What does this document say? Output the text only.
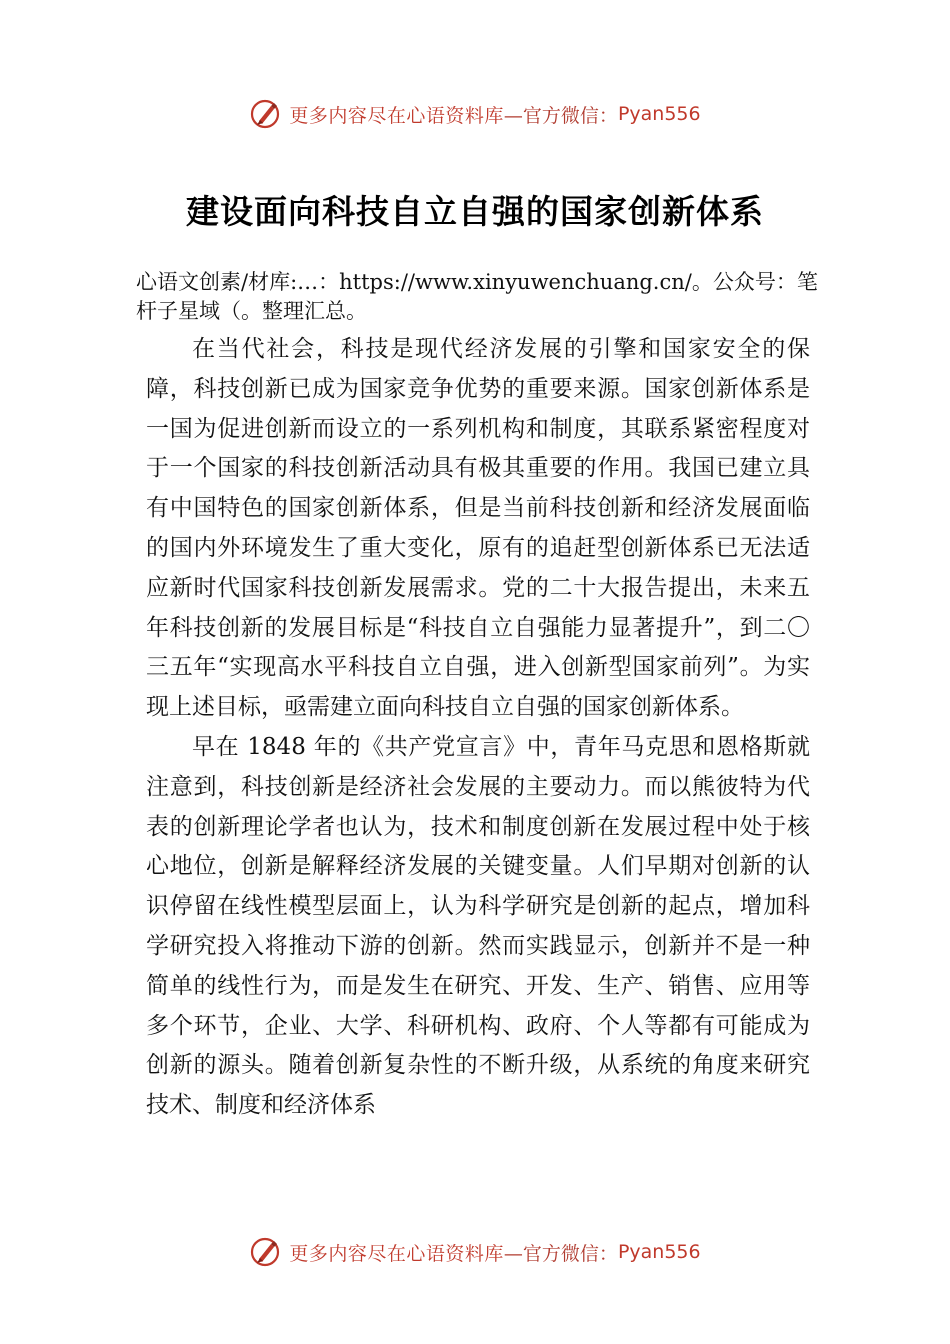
更多内容尽在心语资料库 —官方微信： Pyan556
建设面向科技自立自强的国家创新体系
心语文创素/材库:…：https://www.xinyuwenchuang.cn/。公众号：笔杆子星域（。整理汇总。

在当代社会，科技是现代经济发展的引擎和国家安全的保障，科技创新已成为国家竞争优势的重要来源。国家创新体系是一国为促进创新而设立的一系列机构和制度，其联系紧密程度对于一个国家的科技创新活动具有极其重要的作用。我国已建立具有中国特色的国家创新体系，但是当前科技创新和经济发展面临的国内外环境发生了重大变化，原有的追赶型创新体系已无法适应新时代国家科技创新发展需求。党的二十大报告提出，未来五年科技创新的发展目标是“科技自立自强能力显著提升”，到二〇三五年“实现高水平科技自立自强，进入创新型国家前列”。为实现上述目标，亟需建立面向科技自立自强的国家创新体系。

早在 1848 年的《共产党宣言》中，青年马克思和恩格斯就注意到，科技创新是经济社会发展的主要动力。而以熊彼特为代表的创新理论学者也认为，技术和制度创新在发展过程中处于核心地位，创新是解释经济发展的关键变量。人们早期对创新的认识停留在线性模型层面上，认为科学研究是创新的起点，增加科学研究投入将推动下游的创新。然而实践显示，创新并不是一种简单的线性行为，而是发生在研究、开发、生产、销售、应用等多个环节，企业、大学、科研机构、政府、个人等都有可能成为创新的源头。随着创新复杂性的不断升级，从系统的角度来研究技术、制度和经济体系

更多内容尽在心语资料库 —官方微信： Pyan556
